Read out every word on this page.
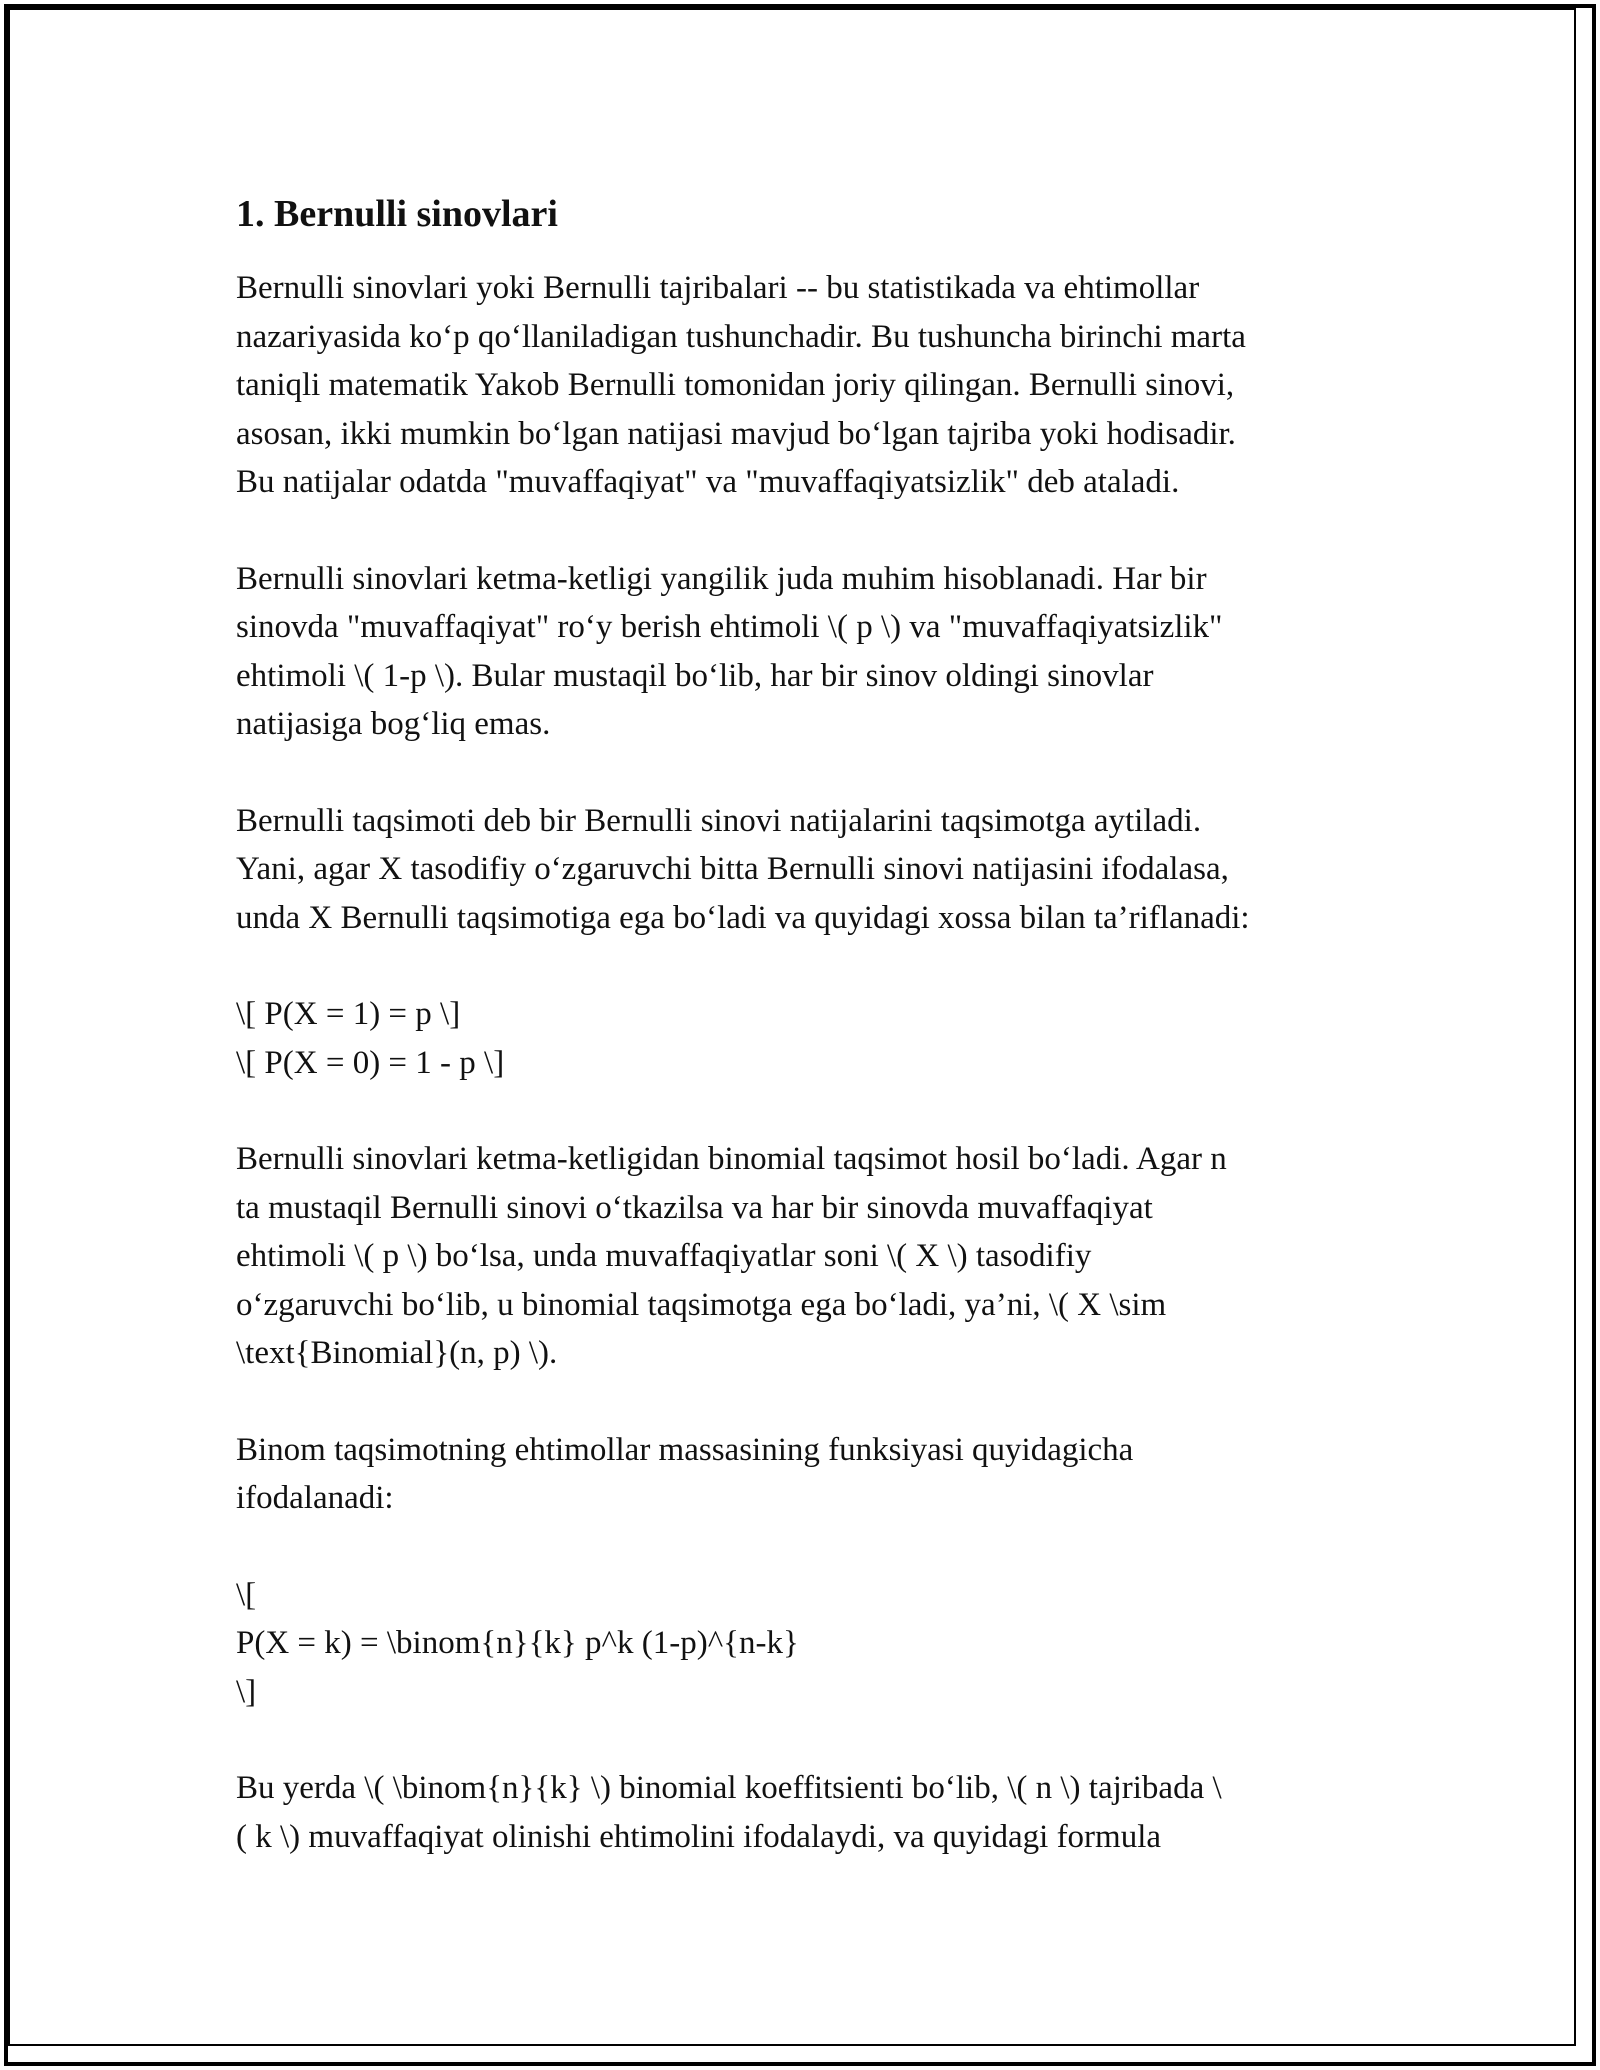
1. Bernulli sinovlari
Bernulli sinovlari yoki Bernulli tajribalari -- bu statistikada va ehtimollar
nazariyasida ko‘p qo‘llaniladigan tushunchadir. Bu tushuncha birinchi marta
taniqli matematik Yakob Bernulli tomonidan joriy qilingan. Bernulli sinovi,
asosan, ikki mumkin bo‘lgan natijasi mavjud bo‘lgan tajriba yoki hodisadir.
Bu natijalar odatda "muvaffaqiyat" va "muvaffaqiyatsizlik" deb ataladi.
Bernulli sinovlari ketma-ketligi yangilik juda muhim hisoblanadi. Har bir
sinovda "muvaffaqiyat" ro‘y berish ehtimoli \( p \) va "muvaffaqiyatsizlik"
ehtimoli \( 1-p \). Bular mustaqil bo‘lib, har bir sinov oldingi sinovlar
natijasiga bog‘liq emas.
Bernulli taqsimoti deb bir Bernulli sinovi natijalarini taqsimotga aytiladi.
Yani, agar X tasodifiy o‘zgaruvchi bitta Bernulli sinovi natijasini ifodalasa,
unda X Bernulli taqsimotiga ega bo‘ladi va quyidagi xossa bilan ta’riflanadi:
\[ P(X = 1) = p \]
\[ P(X = 0) = 1 - p \]
Bernulli sinovlari ketma-ketligidan binomial taqsimot hosil bo‘ladi. Agar n
ta mustaqil Bernulli sinovi o‘tkazilsa va har bir sinovda muvaffaqiyat
ehtimoli \( p \) bo‘lsa, unda muvaffaqiyatlar soni \( X \) tasodifiy
o‘zgaruvchi bo‘lib, u binomial taqsimotga ega bo‘ladi, ya’ni, \( X \sim
\text{Binomial}(n, p) \).
Binom taqsimotning ehtimollar massasining funksiyasi quyidagicha
ifodalanadi:
\[
P(X = k) = \binom{n}{k} p^k (1-p)^{n-k}
\]
Bu yerda \( \binom{n}{k} \) binomial koeffitsienti bo‘lib, \( n \) tajribada \
( k \) muvaffaqiyat olinishi ehtimolini ifodalaydi, va quyidagi formula
